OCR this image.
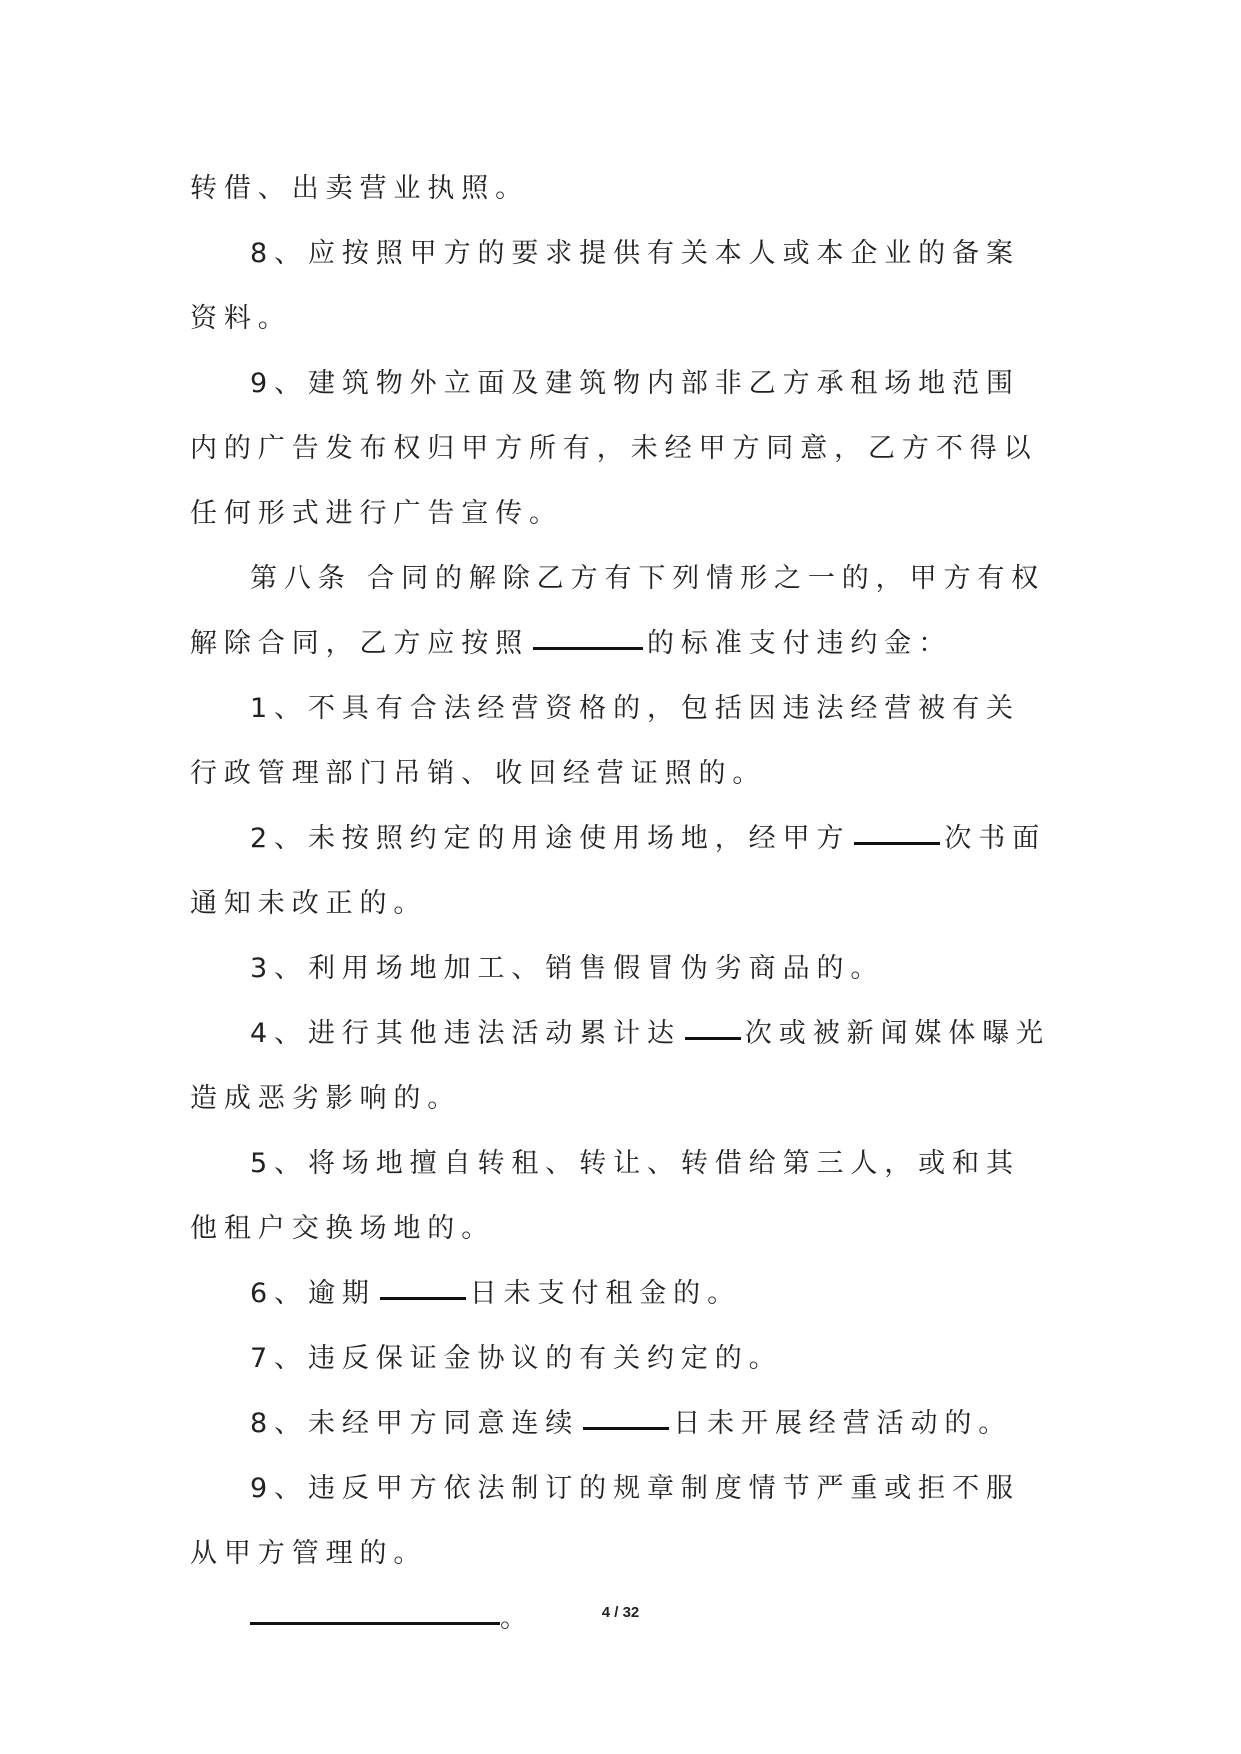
转借、出卖营业执照。

8、应按照甲方的要求提供有关本人或本企业的备案资料。

9、建筑物外立面及建筑物内部非乙方承租场地范围内的广告发布权归甲方所有，未经甲方同意，乙方不得以任何形式进行广告宣传。

第八条 合同的解除乙方有下列情形之一的，甲方有权解除合同，乙方应按照	的标准支付违约金：

1、不具有合法经营资格的，包括因违法经营被有关行政管理部门吊销、收回经营证照的。

2、未按照约定的用途使用场地，经甲方	次书面通知未改正的。

3、利用场地加工、销售假冒伪劣商品的。

4、进行其他违法活动累计达 次或被新闻媒体曝光造成恶劣影响的。

5、将场地擅自转租、转让、转借给第三人，或和其他租户交换场地的。

6、逾期	日未支付租金的。

7、违反保证金协议的有关约定的。

8、未经甲方同意连续	日未开展经营活动的。

9、违反甲方依法制订的规章制度情节严重或拒不服从甲方管理的。

。	4 / 32
